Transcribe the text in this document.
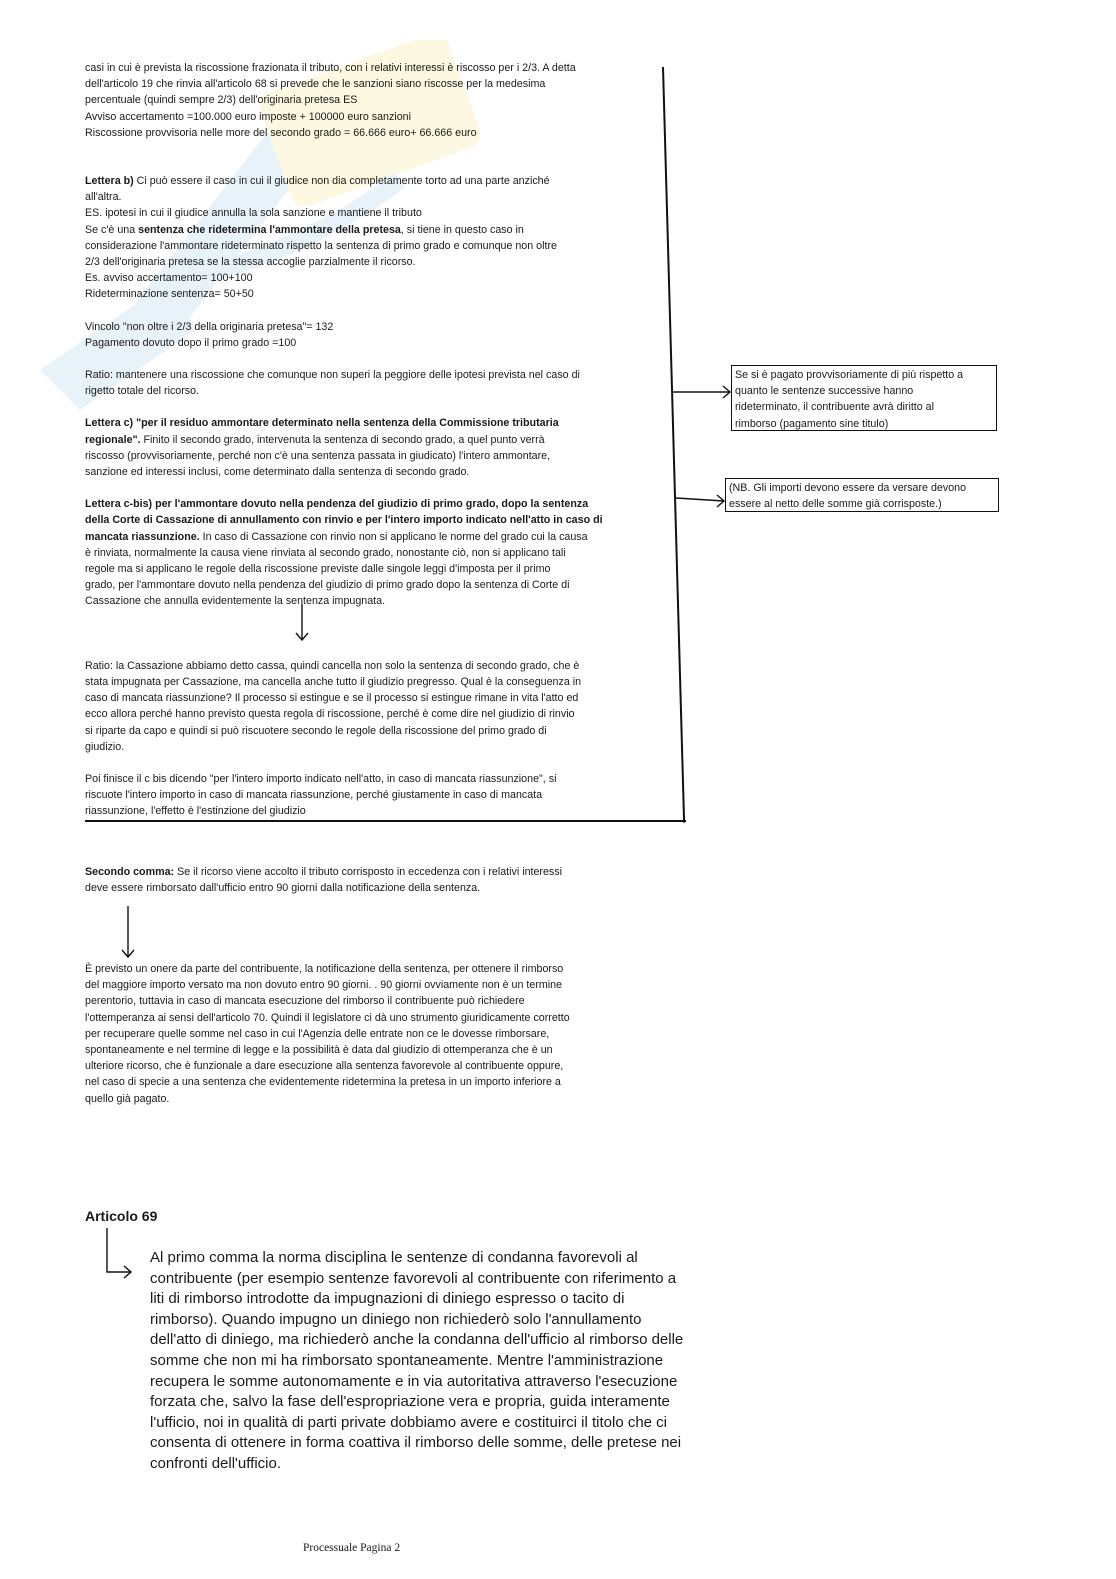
casi in cui è prevista la riscossione frazionata il tributo, con i relativi interessi è riscosso per i 2/3. A detta

dell'articolo 19 che rinvia all'articolo 68 si prevede che le sanzioni siano riscosse per la medesima

percentuale (quindi sempre 2/3) dell'originaria pretesa ES

Avviso accertamento =100.000 euro imposte + 100000 euro sanzioni

Riscossione provvisoria nelle more del secondo grado = 66.666 euro+ 66.666 euro

Lettera b) Ci può essere il caso in cui il giudice non dia completamente torto ad una parte anziché

all'altra.

ES. ipotesi in cui il giudice annulla la sola sanzione e mantiene il tributo

Se c'è una sentenza che ridetermina l'ammontare della pretesa, si tiene in questo caso in

considerazione l'ammontare rideterminato rispetto la sentenza di primo grado e comunque non oltre

2/3 dell'originaria pretesa se la stessa accoglie parzialmente il ricorso.

Es. avviso accertamento= 100+100

Rideterminazione sentenza= 50+50

Vincolo "non oltre i 2/3 della originaria pretesa"= 132

Pagamento dovuto dopo il primo grado =100

Ratio: mantenere una riscossione che comunque non superi la peggiore delle ipotesi prevista nel caso di

rigetto totale del ricorso.

Lettera c) "per il residuo ammontare determinato nella sentenza della Commissione tributaria

regionale". Finito il secondo grado, intervenuta la sentenza di secondo grado, a quel punto verrà

riscosso (provvisoriamente, perché non c'è una sentenza passata in giudicato) l'intero ammontare,

sanzione ed interessi inclusi, come determinato dalla sentenza di secondo grado.

Lettera c-bis) per l'ammontare dovuto nella pendenza del giudizio di primo grado, dopo la sentenza

della Corte di Cassazione di annullamento con rinvio e per l'intero importo indicato nell'atto in caso di

mancata riassunzione. In caso di Cassazione con rinvio non si applicano le norme del grado cui la causa

è rinviata, normalmente la causa viene rinviata al secondo grado, nonostante ciò, non si applicano tali

regole ma si applicano le regole della riscossione previste dalle singole leggi d'imposta per il primo

grado, per l'ammontare dovuto nella pendenza del giudizio di primo grado dopo la sentenza di Corte di

Cassazione che annulla evidentemente la sentenza impugnata.

Ratio: la Cassazione abbiamo detto cassa, quindi cancella non solo la sentenza di secondo grado, che è

stata impugnata per Cassazione, ma cancella anche tutto il giudizio pregresso. Qual è la conseguenza in

caso di mancata riassunzione? Il processo si estingue e se il processo si estingue rimane in vita l'atto ed

ecco allora perché hanno previsto questa regola di riscossione, perché è come dire nel giudizio di rinvio

si riparte da capo e quindi si può riscuotere secondo le regole della riscossione del primo grado di

giudizio.

Poi finisce il c bis dicendo "per l'intero importo indicato nell'atto, in caso di mancata riassunzione", si

riscuote l'intero importo in caso di mancata riassunzione, perché giustamente in caso di mancata

riassunzione, l'effetto è l'estinzione del giudizio

Se si è pagato provvisoriamente di più rispetto a
quanto le sentenze successive hanno
rideterminato, il contribuente avrà diritto al
rimborso (pagamento sine titulo)
(NB. Gli importi devono essere da versare devono
essere al netto delle somme già corrisposte.)

Secondo comma: Se il ricorso viene accolto il tributo corrisposto in eccedenza con i relativi interessi

deve essere rimborsato dall'ufficio entro 90 giorni dalla notificazione della sentenza.

È previsto un onere da parte del contribuente, la notificazione della sentenza, per ottenere il rimborso

del maggiore importo versato ma non dovuto entro 90 giorni. . 90 giorni ovviamente non è un termine

perentorio, tuttavia in caso di mancata esecuzione del rimborso il contribuente può richiedere

l'ottemperanza ai sensi dell'articolo 70. Quindi il legislatore ci dà uno strumento giuridicamente corretto

per recuperare quelle somme nel caso in cui l'Agenzia delle entrate non ce le dovesse rimborsare,

spontaneamente e nel termine di legge e la possibilità è data dal giudizio di ottemperanza che è un

ulteriore ricorso, che è funzionale a dare esecuzione alla sentenza favorevole al contribuente oppure,

nel caso di specie a una sentenza che evidentemente ridetermina la pretesa in un importo inferiore a

quello già pagato.

Articolo 69
Al primo comma la norma disciplina le sentenze di condanna favorevoli al
contribuente (per esempio sentenze favorevoli al contribuente con riferimento a
liti di rimborso introdotte da impugnazioni di diniego espresso o tacito di
rimborso). Quando impugno un diniego non richiederò solo l'annullamento
dell'atto di diniego, ma richiederò anche la condanna dell'ufficio al rimborso delle
somme che non mi ha rimborsato spontaneamente. Mentre l'amministrazione
recupera le somme autonomamente e in via autoritativa attraverso l'esecuzione
forzata che, salvo la fase dell'espropriazione vera e propria, guida interamente
l'ufficio, noi in qualità di parti private dobbiamo avere e costituirci il titolo che ci
consenta di ottenere in forma coattiva il rimborso delle somme, delle pretese nei
confronti dell'ufficio.
Processuale Pagina 2
